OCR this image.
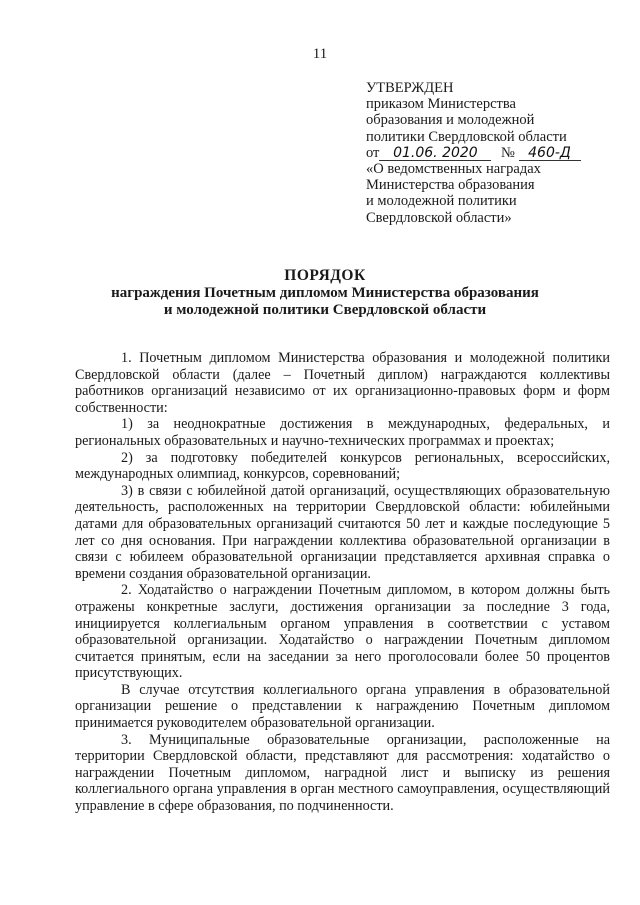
11
УТВЕРЖДЕН
приказом Министерства
образования и молодежной
политики Свердловской области
от 01.06. 2020 № 460-Д
«О ведомственных наградах
Министерства образования
и молодежной политики
Свердловской области»
ПОРЯДОК
награждения Почетным дипломом Министерства образования
и молодежной политики Свердловской области

1. Почетным дипломом Министерства образования и молодежной политики Свердловской области (далее – Почетный диплом) награждаются коллективы работников организаций независимо от их организационно-правовых форм и форм собственности:

1) за неоднократные достижения в международных, федеральных, и региональных образовательных и научно-технических программах и проектах;

2) за подготовку победителей конкурсов региональных, всероссийских, международных олимпиад, конкурсов, соревнований;

3) в связи с юбилейной датой организаций, осуществляющих образовательную деятельность, расположенных на территории Свердловской области: юбилейными датами для образовательных организаций считаются 50 лет и каждые последующие 5 лет со дня основания. При награждении коллектива образовательной организации в связи с юбилеем образовательной организации представляется архивная справка о времени создания образовательной организации.

2. Ходатайство о награждении Почетным дипломом, в котором должны быть отражены конкретные заслуги, достижения организации за последние 3 года, инициируется коллегиальным органом управления в соответствии с уставом образовательной организации. Ходатайство о награждении Почетным дипломом считается принятым, если на заседании за него проголосовали более 50 процентов присутствующих.

В случае отсутствия коллегиального органа управления в образовательной организации решение о представлении к награждению Почетным дипломом принимается руководителем образовательной организации.

3. Муниципальные образовательные организации, расположенные на территории Свердловской области, представляют для рассмотрения: ходатайство о награждении Почетным дипломом, наградной лист и выписку из решения коллегиального органа управления в орган местного самоуправления, осуществляющий управление в сфере образования, по подчиненности.
